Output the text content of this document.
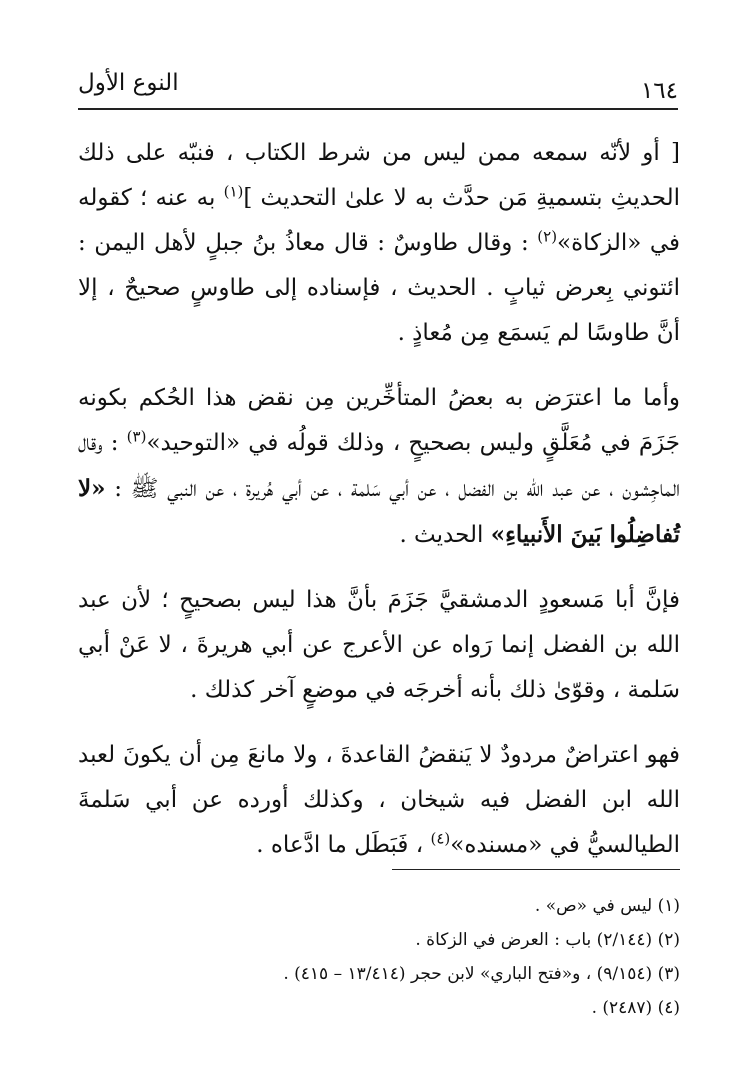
النوع الأول	١٦٤

[ أو لأنّه سمعه ممن ليس من شرط الكتاب ، فنبّه على ذلك الحديثِ بتسميةِ مَن حدَّث به لا علىٰ التحديث ]$^{(١)}$ به عنه ؛ كقوله في «الزكاة»$^{(٢)}$ : وقال طاوسٌ : قال معاذُ بنُ جبلٍ لأهل اليمن : ائتوني بِعرض ثيابٍ . الحديث ، فإسناده إلى طاوسٍ صحيحٌ ، إلا أنَّ طاوسًا لم يَسمَع مِن مُعاذٍ .

وأما ما اعترَض به بعضُ المتأخِّرين مِن نقض هذا الحُكم بكونه جَزَمَ في مُعَلَّقٍ وليس بصحيحٍ ، وذلك قولُه في «التوحيد»$^{(٣)}$ : وقال الماجِشون ، عن عبد الله بن الفضل ، عن أبي سَلمة ، عن أبي هُريرة ، عن النبي ﷺ : «لا تُفاضِلُوا بَينَ الأَنبياءِ» الحديث .

فإنَّ أبا مَسعودٍ الدمشقيَّ جَزَمَ بأنَّ هذا ليس بصحيحٍ ؛ لأن عبد الله بن الفضل إنما رَواه عن الأعرج عن أبي هريرةَ ، لا عَنْ أبي سَلمة ، وقوّىٰ ذلك بأنه أخرجَه في موضعٍ آخر كذلك .

فهو اعتراضٌ مردودٌ لا يَنقضُ القاعدةَ ، ولا مانعَ مِن أن يكونَ لعبد الله ابن الفضل فيه شيخان ، وكذلك أورده عن أبي سَلمةَ الطيالسيُّ في «مسنده»$^{(٤)}$ ، فَبَطَل ما ادَّعاه .

(١) ليس في «ص» .

(٢) (٢/١٤٤) باب : العرض في الزكاة .

(٣) (٩/١٥٤) ، و«فتح الباري» لابن حجر (١٣/٤١٤ – ٤١٥) .

(٤) (٢٤٨٧) .
